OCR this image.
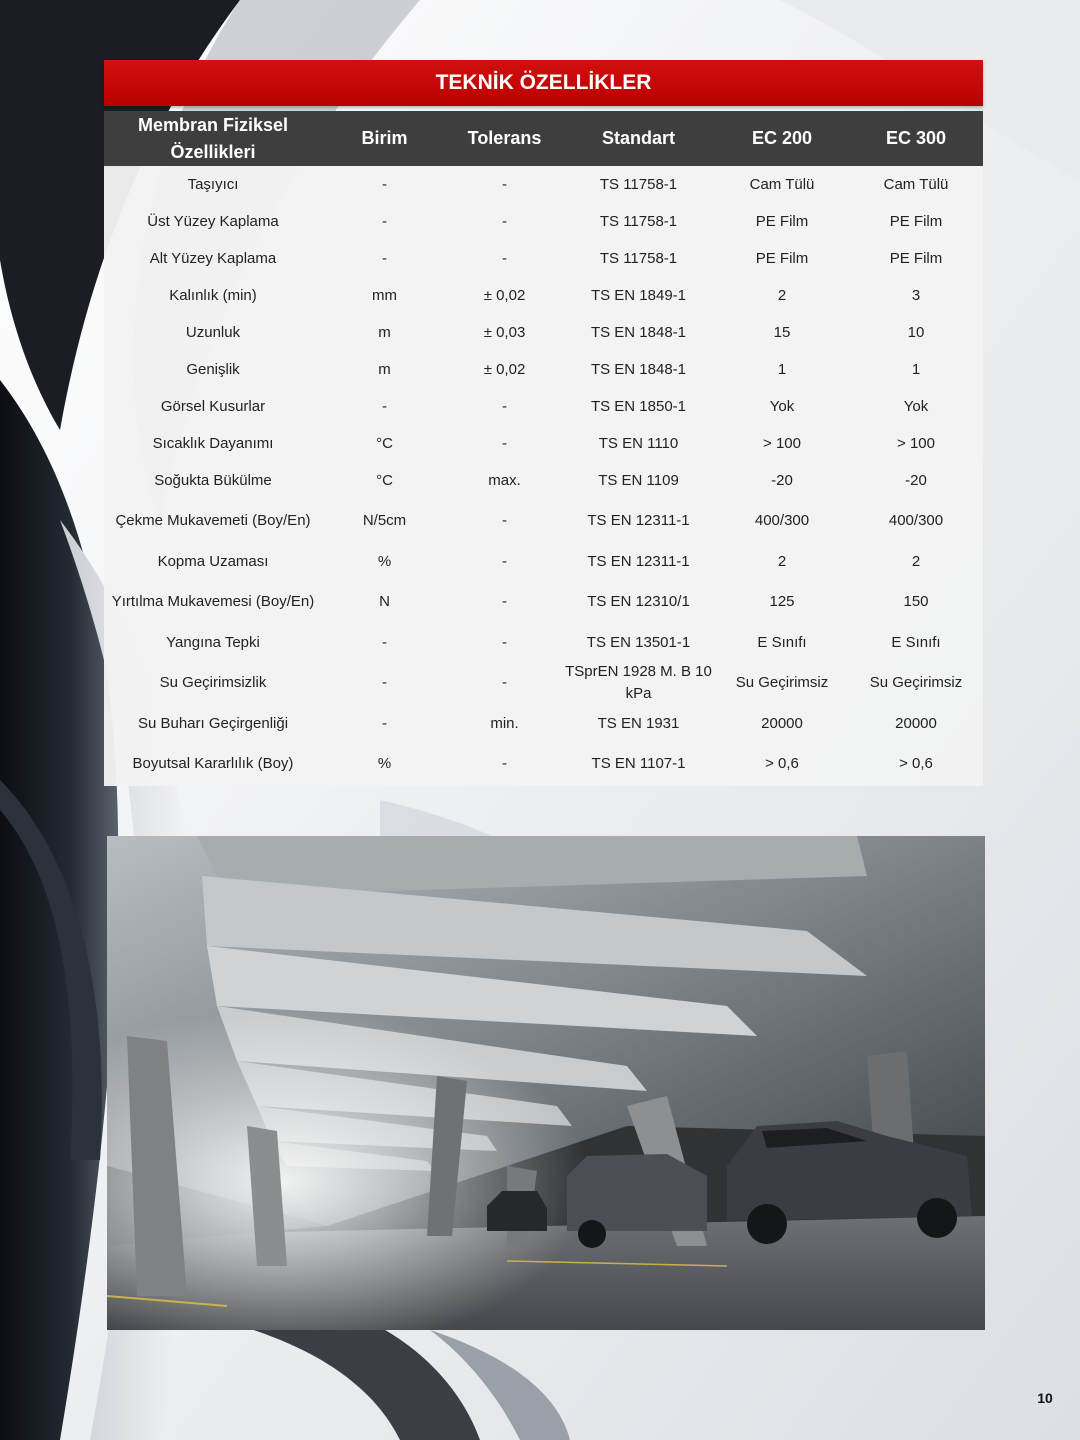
TEKNİK ÖZELLİKLER
Membran Fiziksel Özellikleri	Birim	Tolerans	Standart	EC 200	EC 300
Taşıyıcı	-	-	TS 11758-1	Cam Tülü	Cam Tülü
Üst Yüzey Kaplama	-	-	TS 11758-1	PE Film	PE Film
Alt Yüzey Kaplama	-	-	TS 11758-1	PE Film	PE Film
Kalınlık (min)	mm	± 0,02	TS EN 1849-1	2	3
Uzunluk	m	± 0,03	TS EN 1848-1	15	10
Genişlik	m	± 0,02	TS EN 1848-1	1	1
Görsel Kusurlar	-	-	TS EN 1850-1	Yok	Yok
Sıcaklık Dayanımı	°C	-	TS EN 1110	> 100	> 100
Soğukta Bükülme	°C	max.	TS EN 1109	-20	-20
Çekme Mukavemeti (Boy/En)	N/5cm	-	TS EN 12311-1	400/300	400/300
Kopma Uzaması	%	-	TS EN 12311-1	2	2
Yırtılma Mukavemesi (Boy/En)	N	-	TS EN 12310/1	125	150
Yangına Tepki	-	-	TS EN 13501-1	E Sınıfı	E Sınıfı
Su Geçirimsizlik	-	-	TSprEN 1928 M. B 10 kPa	Su Geçirimsiz	Su Geçirimsiz
Su Buharı Geçirgenliği	-	min.	TS EN 1931	20000	20000
Boyutsal Kararlılık (Boy)	%	-	TS EN 1107-1	> 0,6	> 0,6
10
